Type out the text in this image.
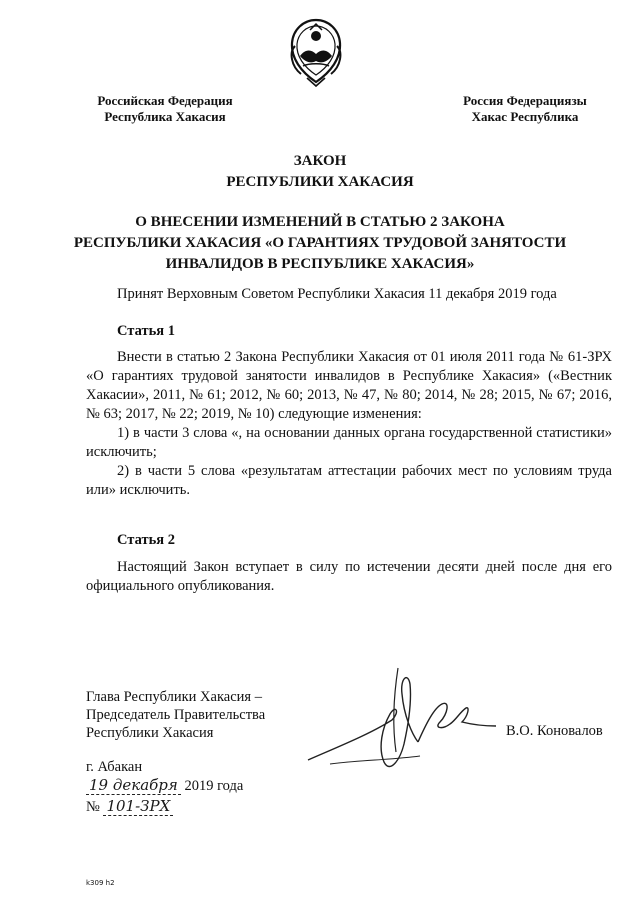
Российская Федерация
Республика Хакасия
Россия Федерациязы
Хакас Республика
ЗАКОН
РЕСПУБЛИКИ ХАКАСИЯ
О ВНЕСЕНИИ ИЗМЕНЕНИЙ В СТАТЬЮ 2 ЗАКОНА
РЕСПУБЛИКИ ХАКАСИЯ «О ГАРАНТИЯХ ТРУДОВОЙ ЗАНЯТОСТИ
ИНВАЛИДОВ В РЕСПУБЛИКЕ ХАКАСИЯ»
Принят Верховным Советом Республики Хакасия 11 декабря 2019 года
Статья 1
Внести в статью 2 Закона Республики Хакасия от 01 июля 2011 года № 61-ЗРХ «О гарантиях трудовой занятости инвалидов в Республике Хакасия» («Вестник Хакасии», 2011, № 61; 2012, № 60; 2013, № 47, № 80; 2014, № 28; 2015, № 67; 2016, № 63; 2017, № 22; 2019, № 10) следующие изменения:
1) в части 3 слова «, на основании данных органа государственной статистики» исключить;
2) в части 5 слова «результатам аттестации рабочих мест по условиям труда или» исключить.
Статья 2
Настоящий Закон вступает в силу по истечении десяти дней после дня его официального опубликования.
Глава Республики Хакасия –
Председатель Правительства
Республики Хакасия	В.О. Коновалов
г. Абакан
19 декабря 2019 года
№ 101-ЗРХ
k309 h2
